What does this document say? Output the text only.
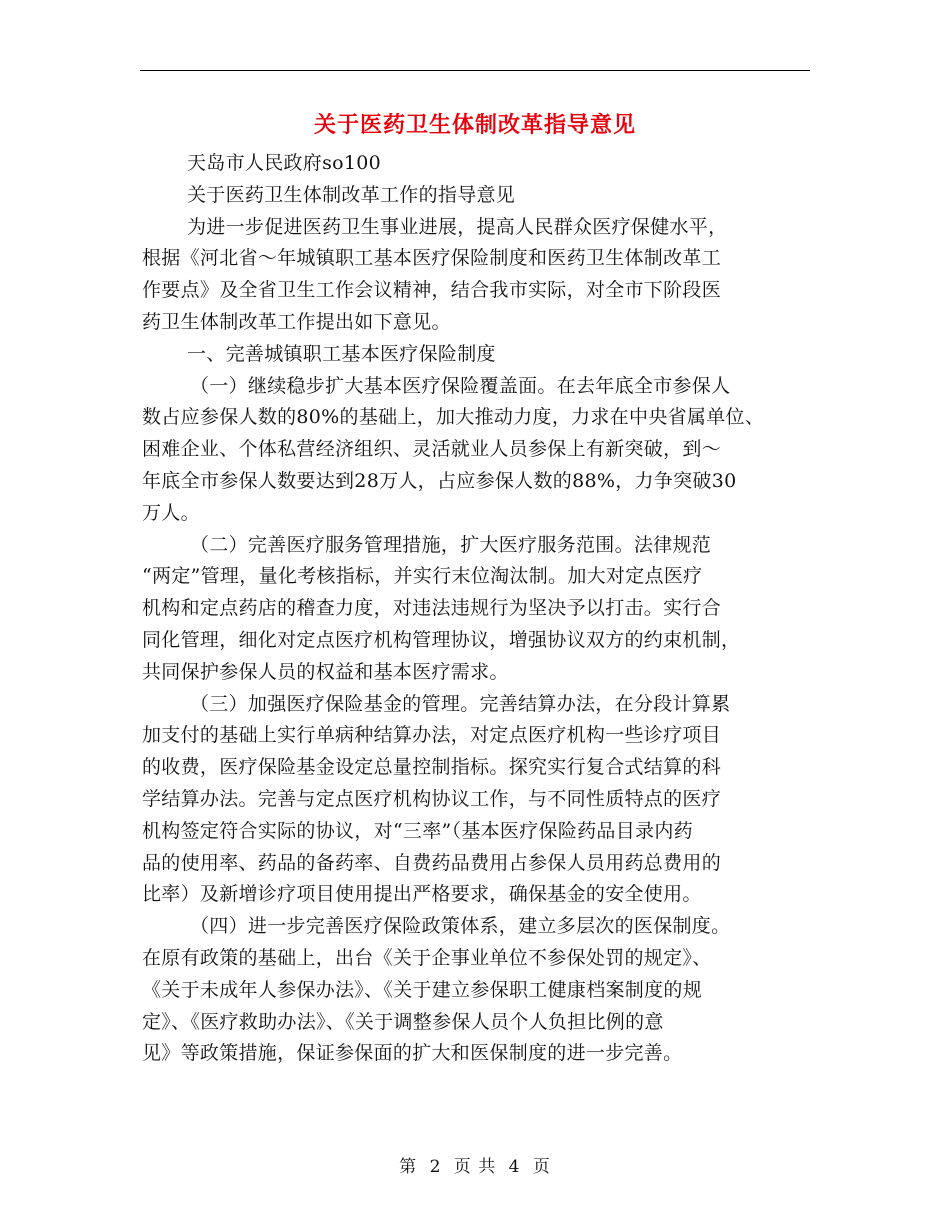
关于医药卫生体制改革指导意见

天岛市人民政府so100

关于医药卫生体制改革工作的指导意见

为进一步促进医药卫生事业进展，提高人民群众医疗保健水平，

根据《河北省～年城镇职工基本医疗保险制度和医药卫生体制改革工

作要点》及全省卫生工作会议精神，结合我市实际，对全市下阶段医

药卫生体制改革工作提出如下意见。

一、完善城镇职工基本医疗保险制度

（一）继续稳步扩大基本医疗保险覆盖面。在去年底全市参保人

数占应参保人数的80%的基础上，加大推动力度，力求在中央省属单位、

困难企业、个体私营经济组织、灵活就业人员参保上有新突破，到～

年底全市参保人数要达到28万人，占应参保人数的88%，力争突破30

万人。

（二）完善医疗服务管理措施，扩大医疗服务范围。法律规范

“两定”管理，量化考核指标，并实行末位淘汰制。加大对定点医疗

机构和定点药店的稽查力度，对违法违规行为坚决予以打击。实行合

同化管理，细化对定点医疗机构管理协议，增强协议双方的约束机制，

共同保护参保人员的权益和基本医疗需求。

（三）加强医疗保险基金的管理。完善结算办法，在分段计算累

加支付的基础上实行单病种结算办法，对定点医疗机构一些诊疗项目

的收费，医疗保险基金设定总量控制指标。探究实行复合式结算的科

学结算办法。完善与定点医疗机构协议工作，与不同性质特点的医疗

机构签定符合实际的协议，对“三率”（基本医疗保险药品目录内药

品的使用率、药品的备药率、自费药品费用占参保人员用药总费用的

比率）及新增诊疗项目使用提出严格要求，确保基金的安全使用。

（四）进一步完善医疗保险政策体系，建立多层次的医保制度。

在原有政策的基础上，出台《关于企事业单位不参保处罚的规定》、

《关于未成年人参保办法》、《关于建立参保职工健康档案制度的规

定》、《医疗救助办法》、《关于调整参保人员个人负担比例的意

见》等政策措施，保证参保面的扩大和医保制度的进一步完善。

第 2 页 共 4 页
